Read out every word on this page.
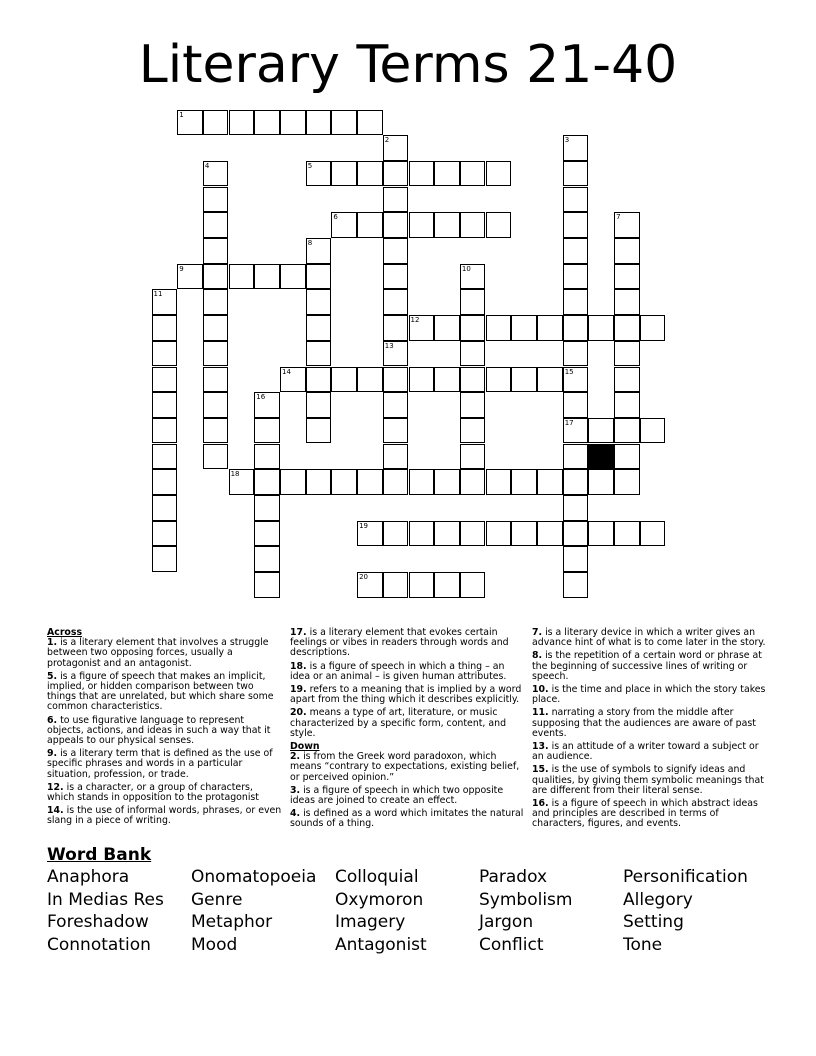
Literary Terms 21-40
1
5
6
9
12
14
17
18
19
20
2
13
3
15
4
7
8
10
11
16

Across

1. is a literary element that involves a struggle between two opposing forces, usually a protagonist and an antagonist.

5. is a figure of speech that makes an implicit, implied, or hidden comparison between two things that are unrelated, but which share some common characteristics.

6. to use figurative language to represent objects, actions, and ideas in such a way that it appeals to our physical senses.

9. is a literary term that is defined as the use of specific phrases and words in a particular situation, profession, or trade.

12. is a character, or a group of characters, which stands in opposition to the protagonist

14. is the use of informal words, phrases, or even slang in a piece of writing.

17. is a literary element that evokes certain feelings or vibes in readers through words and descriptions.

18. is a figure of speech in which a thing – an idea or an animal – is given human attributes.

19. refers to a meaning that is implied by a word apart from the thing which it describes explicitly.

20. means a type of art, literature, or music characterized by a specific form, content, and style.

Down

2. is from the Greek word paradoxon, which means “contrary to expectations, existing belief, or perceived opinion.”

3. is a figure of speech in which two opposite ideas are joined to create an effect.

4. is defined as a word which imitates the natural sounds of a thing.

7. is a literary device in which a writer gives an advance hint of what is to come later in the story.

8. is the repetition of a certain word or phrase at the beginning of successive lines of writing or speech.

10. is the time and place in which the story takes place.

11. narrating a story from the middle after supposing that the audiences are aware of past events.

13. is an attitude of a writer toward a subject or an audience.

15. is the use of symbols to signify ideas and qualities, by giving them symbolic meanings that are different from their literal sense.

16. is a figure of speech in which abstract ideas and principles are described in terms of characters, figures, and events.

Word Bank
Anaphora	Onomatopoeia	Colloquial	Paradox	Personification
In Medias Res	Genre	Oxymoron	Symbolism	Allegory
Foreshadow	Metaphor	Imagery	Jargon	Setting
Connotation	Mood	Antagonist	Conflict	Tone
